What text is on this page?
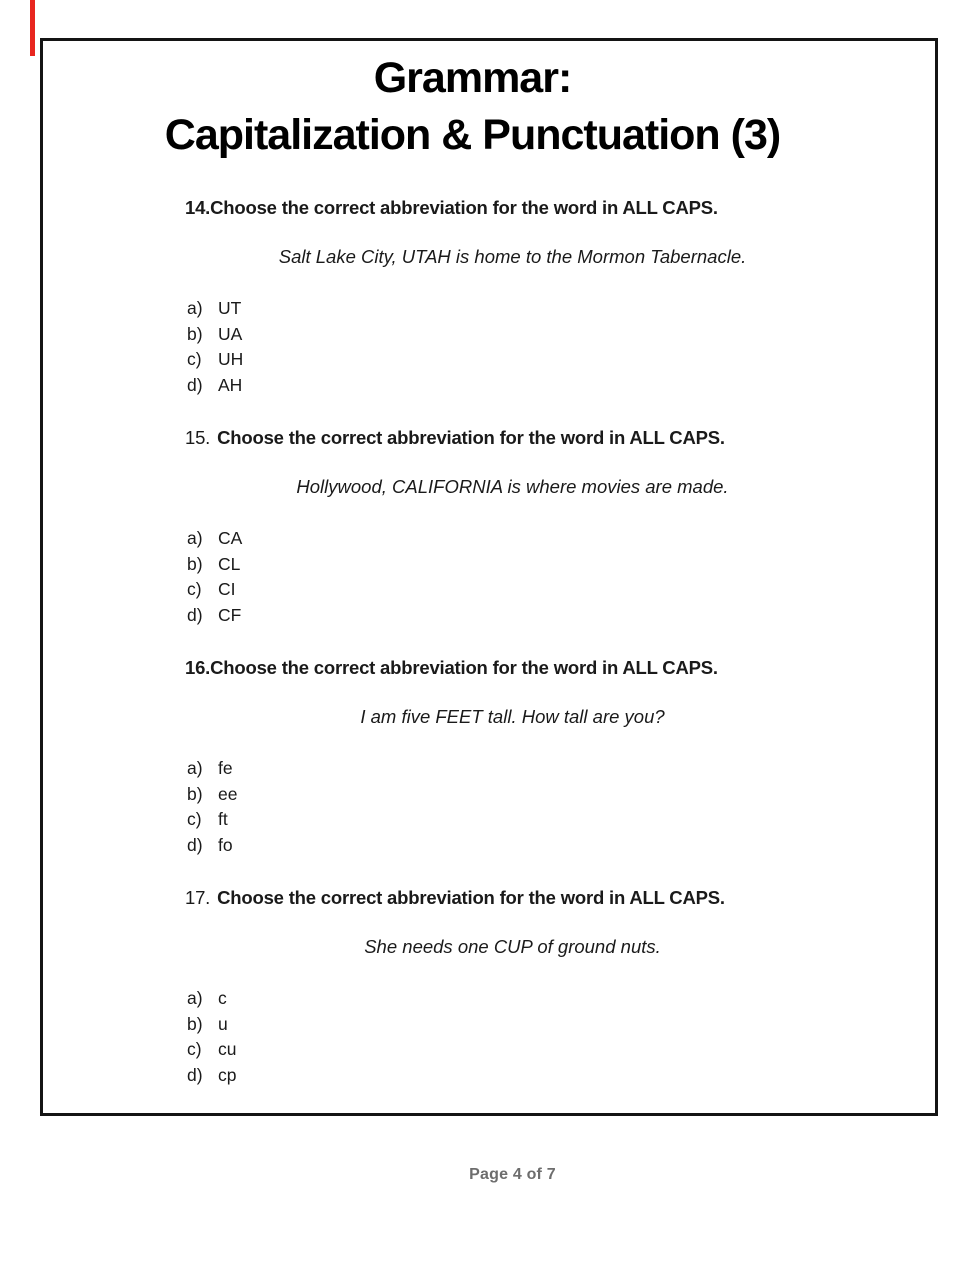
Grammar:
Capitalization & Punctuation (3)
14.Choose the correct abbreviation for the word in ALL CAPS.
Salt Lake City, UTAH is home to the Mormon Tabernacle.
a) UT
b) UA
c) UH
d) AH
15. Choose the correct abbreviation for the word in ALL CAPS.
Hollywood, CALIFORNIA is where movies are made.
a) CA
b) CL
c) CI
d) CF
16.Choose the correct abbreviation for the word in ALL CAPS.
I am five FEET tall. How tall are you?
a) fe
b) ee
c) ft
d) fo
17. Choose the correct abbreviation for the word in ALL CAPS.
She needs one CUP of ground nuts.
a) c
b) u
c) cu
d) cp
Page 4 of 7
